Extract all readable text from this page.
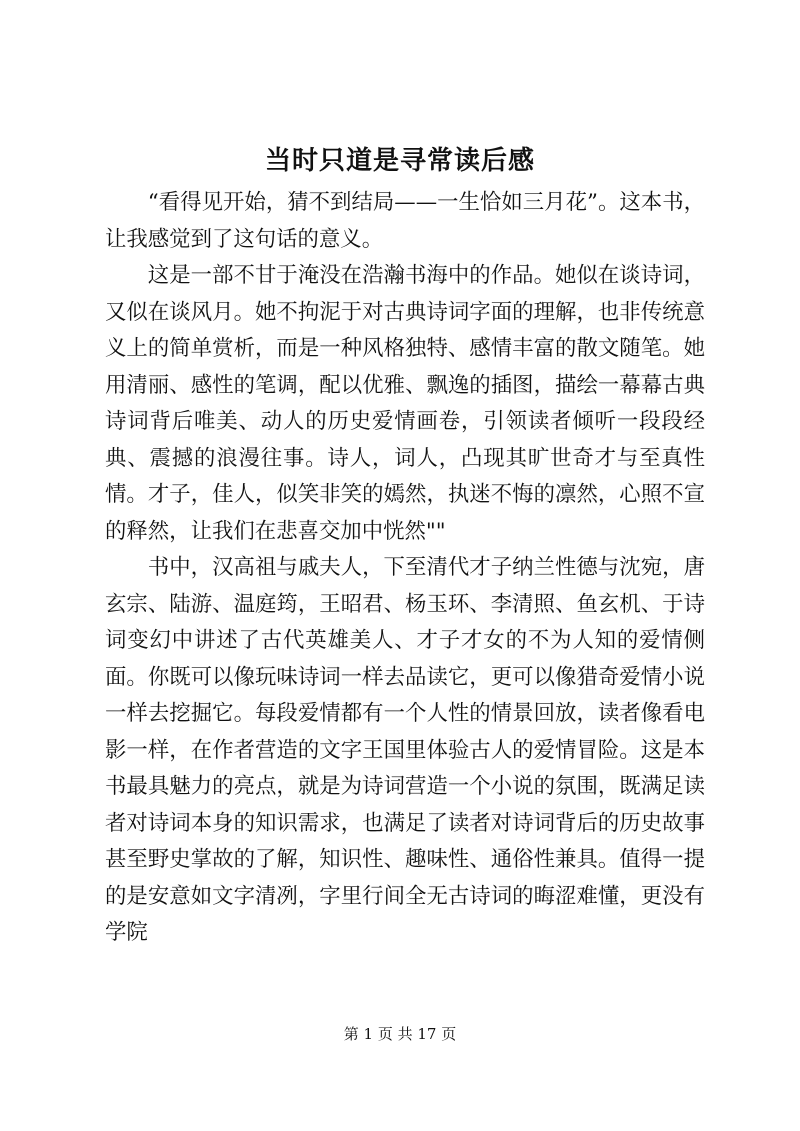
当时只道是寻常读后感

“看得见开始，猜不到结局——一生恰如三月花”。这本书，让我感觉到了这句话的意义。

这是一部不甘于淹没在浩瀚书海中的作品。她似在谈诗词，又似在谈风月。她不拘泥于对古典诗词字面的理解，也非传统意义上的简单赏析，而是一种风格独特、感情丰富的散文随笔。她用清丽、感性的笔调，配以优雅、飘逸的插图，描绘一幕幕古典诗词背后唯美、动人的历史爱情画卷，引领读者倾听一段段经典、震撼的浪漫往事。诗人，词人，凸现其旷世奇才与至真性情。才子，佳人，似笑非笑的嫣然，执迷不悔的凛然，心照不宣的释然，让我们在悲喜交加中恍然""

书中，汉高祖与戚夫人，下至清代才子纳兰性德与沈宛，唐玄宗、陆游、温庭筠，王昭君、杨玉环、李清照、鱼玄机、于诗词变幻中讲述了古代英雄美人、才子才女的不为人知的爱情侧面。你既可以像玩味诗词一样去品读它，更可以像猎奇爱情小说一样去挖掘它。每段爱情都有一个人性的情景回放，读者像看电影一样，在作者营造的文字王国里体验古人的爱情冒险。这是本书最具魅力的亮点，就是为诗词营造一个小说的氛围，既满足读者对诗词本身的知识需求，也满足了读者对诗词背后的历史故事甚至野史掌故的了解，知识性、趣味性、通俗性兼具。值得一提的是安意如文字清冽，字里行间全无古诗词的晦涩难懂，更没有学院

第 1 页 共 17 页
